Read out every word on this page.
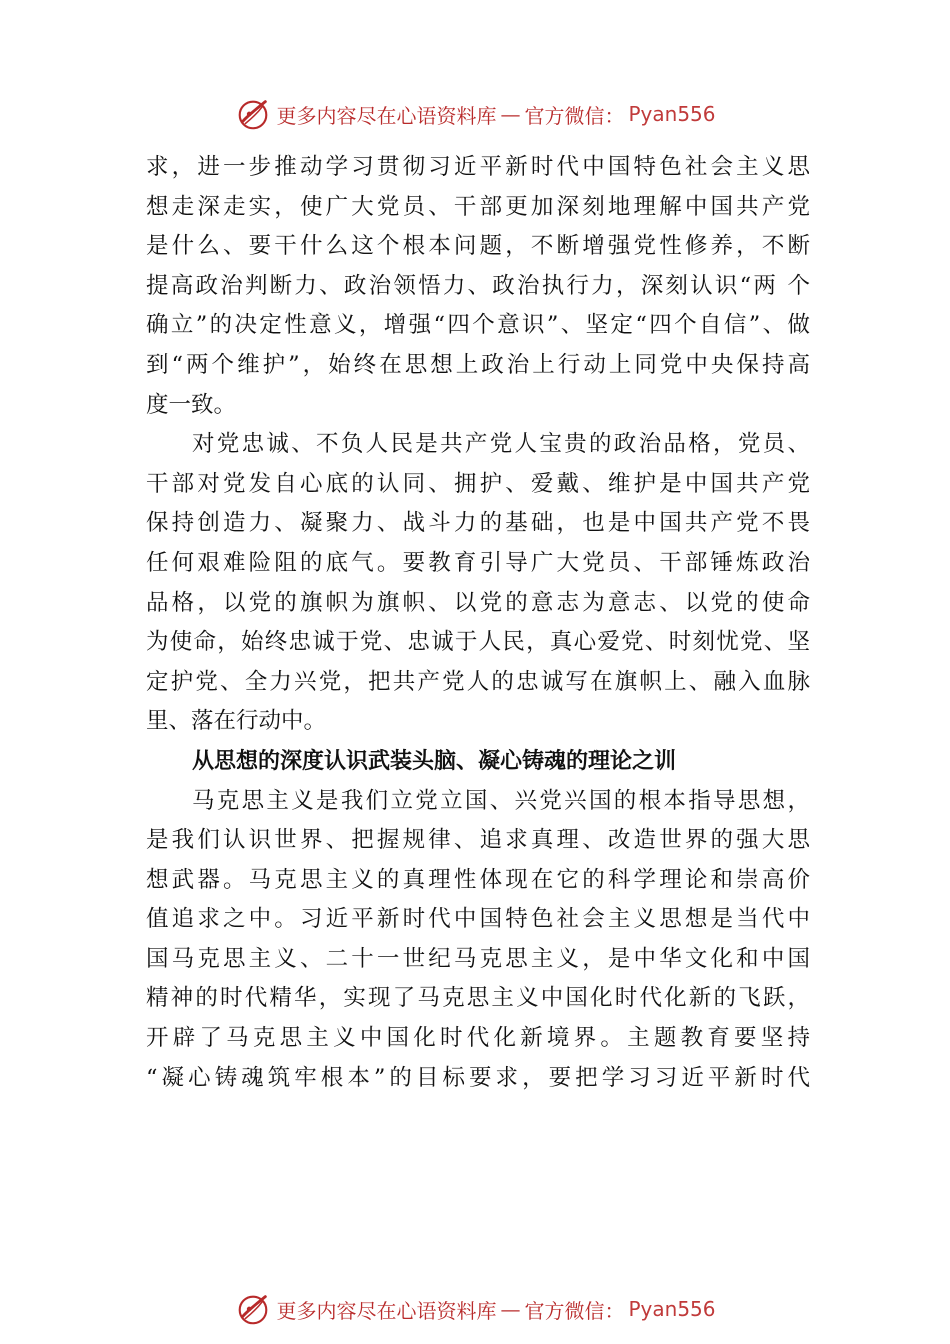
更多内容尽在心语资料库 — 官方微信： Pyan556
求，进一步推动学习贯彻习近平新时代中国特色社会主义思
想走深走实，使广大党员、干部更加深刻地理解中国共产党
是什么、要干什么这个根本问题，不断增强党性修养，不断
提高政治判断力、政治领悟力、政治执行力，深刻认识“两 个
确立”的决定性意义，增强“四个意识”、坚定“四个自信”、做
到“两个维护”，始终在思想上政治上行动上同党中央保持高
度一致。
对党忠诚、不负人民是共产党人宝贵的政治品格，党员、
干部对党发自心底的认同、拥护、爱戴、维护是中国共产党
保持创造力、凝聚力、战斗力的基础，也是中国共产党不畏
任何艰难险阻的底气。要教育引导广大党员、干部锤炼政治
品格，以党的旗帜为旗帜、以党的意志为意志、以党的使命
为使命，始终忠诚于党、忠诚于人民，真心爱党、时刻忧党、坚
定护党、全力兴党，把共产党人的忠诚写在旗帜上、融入血脉
里、落在行动中。
从思想的深度认识武装头脑、凝心铸魂的理论之训
马克思主义是我们立党立国、兴党兴国的根本指导思想，
是我们认识世界、把握规律、追求真理、改造世界的强大思
想武器。马克思主义的真理性体现在它的科学理论和崇高价
值追求之中。习近平新时代中国特色社会主义思想是当代中
国马克思主义、二十一世纪马克思主义，是中华文化和中国
精神的时代精华，实现了马克思主义中国化时代化新的飞跃，
开辟了马克思主义中国化时代化新境界。主题教育要坚持
“凝心铸魂筑牢根本”的目标要求，要把学习习近平新时代
更多内容尽在心语资料库 — 官方微信： Pyan556
